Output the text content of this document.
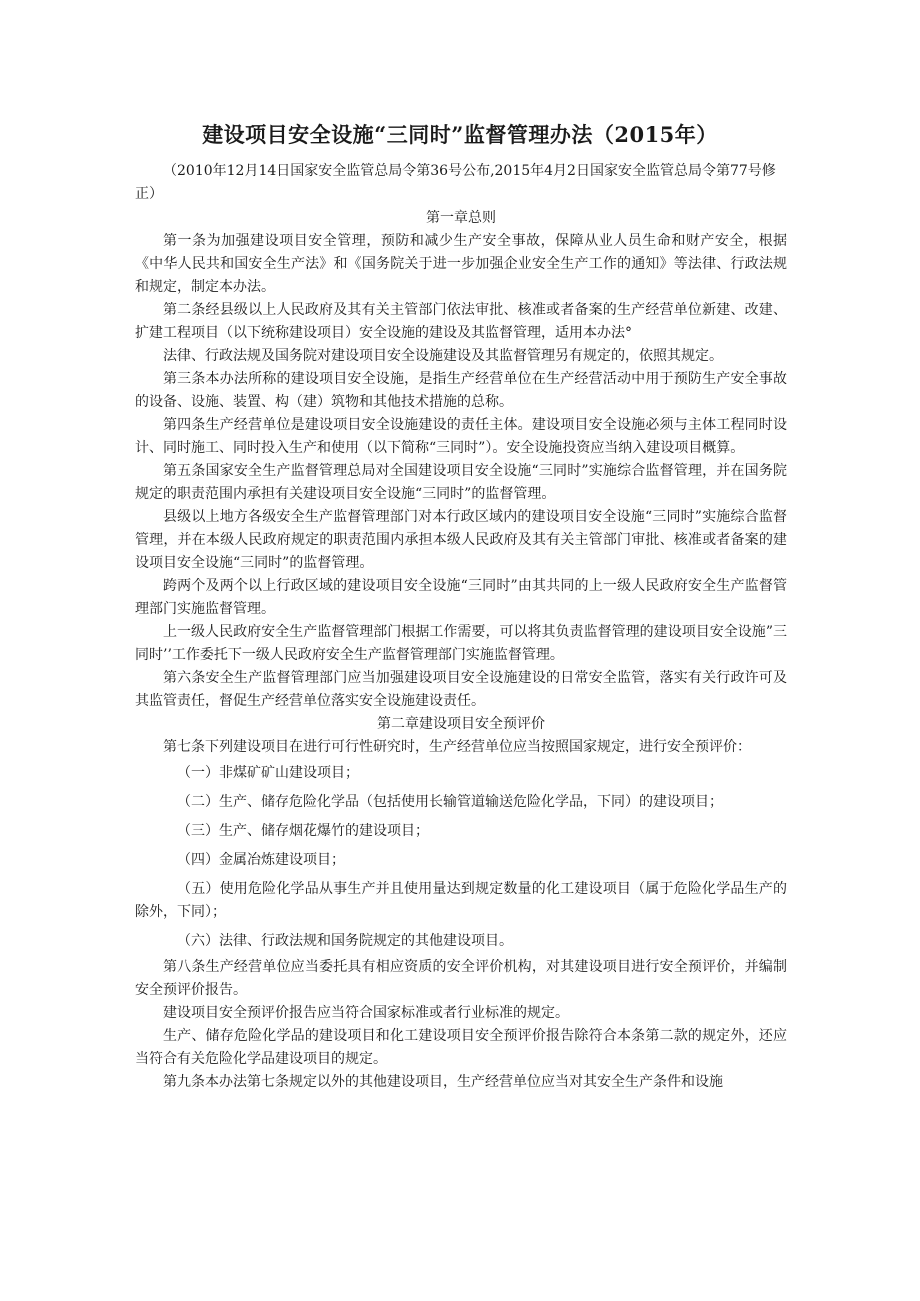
建设项目安全设施“三同时”监督管理办法（2015年）
（2010年12月14日国家安全监管总局令第36号公布,2015年4月2日国家安全监管总局令第77号修正）
第一章总则

第一条为加强建设项目安全管理，预防和减少生产安全事故，保障从业人员生命和财产安全，根据《中华人民共和国安全生产法》和《国务院关于进一步加强企业安全生产工作的通知》等法律、行政法规和规定，制定本办法。

第二条经县级以上人民政府及其有关主管部门依法审批、核准或者备案的生产经营单位新建、改建、扩建工程项目（以下统称建设项目）安全设施的建设及其监督管理，适用本办法°

法律、行政法规及国务院对建设项目安全设施建设及其监督管理另有规定的，依照其规定。

第三条本办法所称的建设项目安全设施，是指生产经营单位在生产经营活动中用于预防生产安全事故的设备、设施、装置、构（建）筑物和其他技术措施的总称。

第四条生产经营单位是建设项目安全设施建设的责任主体。建设项目安全设施必须与主体工程同时设计、同时施工、同时投入生产和使用（以下简称“三同时”）。安全设施投资应当纳入建设项目概算。

第五条国家安全生产监督管理总局对全国建设项目安全设施“三同时”实施综合监督管理，并在国务院规定的职责范围内承担有关建设项目安全设施“三同时”的监督管理。

县级以上地方各级安全生产监督管理部门对本行政区域内的建设项目安全设施“三同时”实施综合监督管理，并在本级人民政府规定的职责范围内承担本级人民政府及其有关主管部门审批、核准或者备案的建设项目安全设施“三同时”的监督管理。

跨两个及两个以上行政区域的建设项目安全设施“三同时”由其共同的上一级人民政府安全生产监督管理部门实施监督管理。

上一级人民政府安全生产监督管理部门根据工作需要，可以将其负责监督管理的建设项目安全设施”三同时’’工作委托下一级人民政府安全生产监督管理部门实施监督管理。

第六条安全生产监督管理部门应当加强建设项目安全设施建设的日常安全监管，落实有关行政许可及其监管责任，督促生产经营单位落实安全设施建设责任。

第二章建设项目安全预评价

第七条下列建设项目在进行可行性研究时，生产经营单位应当按照国家规定，进行安全预评价：

（一）非煤矿矿山建设项目；

（二）生产、储存危险化学品（包括使用长输管道输送危险化学品，下同）的建设项目；

（三）生产、储存烟花爆竹的建设项目；

（四）金属冶炼建设项目；

（五）使用危险化学品从事生产并且使用量达到规定数量的化工建设项目（属于危险化学品生产的除外，下同）；

（六）法律、行政法规和国务院规定的其他建设项目。

第八条生产经营单位应当委托具有相应资质的安全评价机构，对其建设项目进行安全预评价，并编制安全预评价报告。

建设项目安全预评价报告应当符合国家标准或者行业标准的规定。

生产、储存危险化学品的建设项目和化工建设项目安全预评价报告除符合本条第二款的规定外，还应当符合有关危险化学品建设项目的规定。

第九条本办法第七条规定以外的其他建设项目，生产经营单位应当对其安全生产条件和设施
